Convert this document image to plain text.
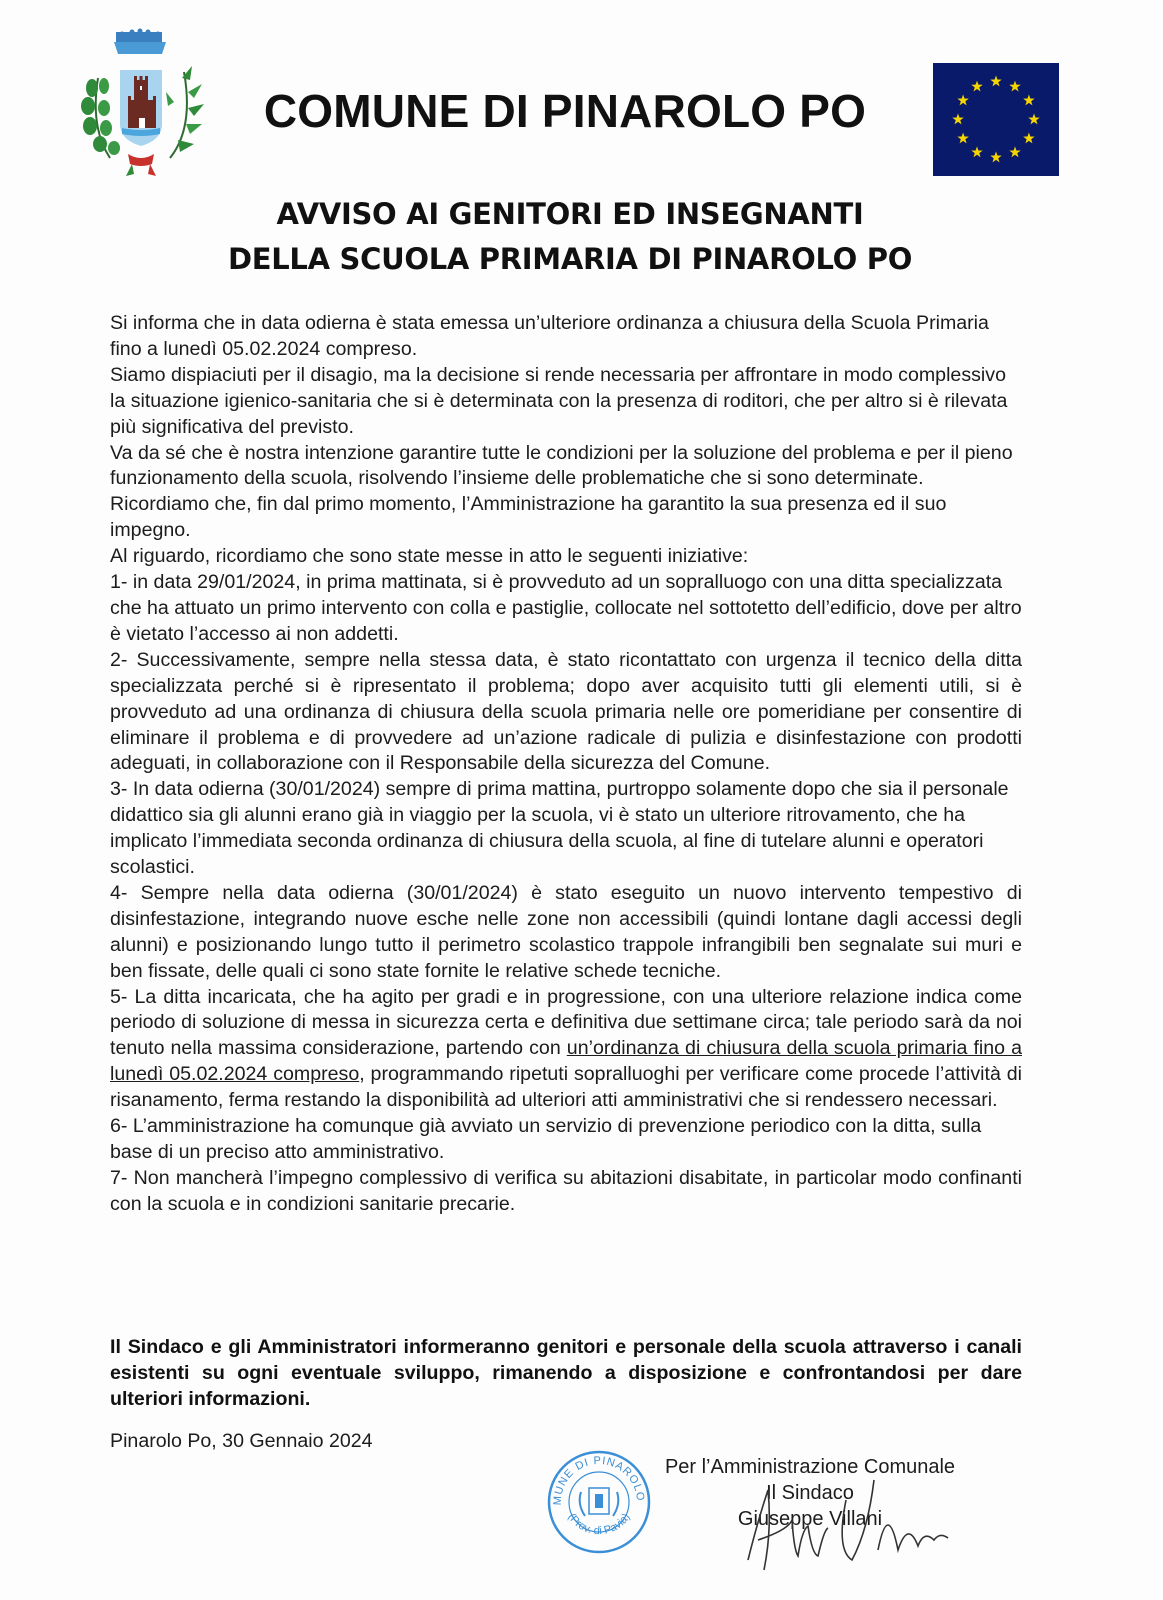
COMUNE DI PINAROLO PO
AVVISO AI GENITORI ED INSEGNANTI
DELLA SCUOLA PRIMARIA DI PINAROLO PO

Si informa che in data odierna è stata emessa un’ulteriore ordinanza a chiusura della Scuola Primaria fino a lunedì 05.02.2024 compreso.

Siamo dispiaciuti per il disagio, ma la decisione si rende necessaria per affrontare in modo complessivo la situazione igienico-sanitaria che si è determinata con la presenza di roditori, che per altro si è rilevata più significativa del previsto.

Va da sé che è nostra intenzione garantire tutte le condizioni per la soluzione del problema e per il pieno funzionamento della scuola, risolvendo l’insieme delle problematiche che si sono determinate.

Ricordiamo che, fin dal primo momento, l’Amministrazione ha garantito la sua presenza ed il suo impegno.

Al riguardo, ricordiamo che sono state messe in atto le seguenti iniziative:

1- in data 29/01/2024, in prima mattinata, si è provveduto ad un sopralluogo con una ditta specializzata che ha attuato un primo intervento con colla e pastiglie, collocate nel sottotetto dell’edificio, dove per altro è vietato l’accesso ai non addetti.

2- Successivamente, sempre nella stessa data, è stato ricontattato con urgenza il tecnico della ditta specializzata perché si è ripresentato il problema; dopo aver acquisito tutti gli elementi utili, si è provveduto ad una ordinanza di chiusura della scuola primaria nelle ore pomeridiane per consentire di eliminare il problema e di provvedere ad un’azione radicale di pulizia e disinfestazione con prodotti adeguati, in collaborazione con il Responsabile della sicurezza del Comune.

3- In data odierna (30/01/2024) sempre di prima mattina, purtroppo solamente dopo che sia il personale didattico sia gli alunni erano già in viaggio per la scuola, vi è stato un ulteriore ritrovamento, che ha implicato l’immediata seconda ordinanza di chiusura della scuola, al fine di tutelare alunni e operatori scolastici.

4- Sempre nella data odierna (30/01/2024) è stato eseguito un nuovo intervento tempestivo di disinfestazione, integrando nuove esche nelle zone non accessibili (quindi lontane dagli accessi degli alunni) e posizionando lungo tutto il perimetro scolastico trappole infrangibili ben segnalate sui muri e ben fissate, delle quali ci sono state fornite le relative schede tecniche.

5- La ditta incaricata, che ha agito per gradi e in progressione, con una ulteriore relazione indica come periodo di soluzione di messa in sicurezza certa e definitiva due settimane circa; tale periodo sarà da noi tenuto nella massima considerazione, partendo con un’ordinanza di chiusura della scuola primaria fino a lunedì 05.02.2024 compreso, programmando ripetuti sopralluoghi per verificare come procede l’attività di risanamento, ferma restando la disponibilità ad ulteriori atti amministrativi che si rendessero necessari.

6- L’amministrazione ha comunque già avviato un servizio di prevenzione periodico con la ditta, sulla base di un preciso atto amministrativo.

7- Non mancherà l’impegno complessivo di verifica su abitazioni disabitate, in particolar modo confinanti con la scuola e in condizioni sanitarie precarie.

Il Sindaco e gli Amministratori informeranno genitori e personale della scuola attraverso i canali esistenti su ogni eventuale sviluppo, rimanendo a disposizione e confrontandosi per dare ulteriori informazioni.
Pinarolo Po, 30 Gennaio 2024
MUNE DI PINAROLO
(Prov. di Pavia)
Per l’Amministrazione Comunale
Il Sindaco
Giuseppe Villani
